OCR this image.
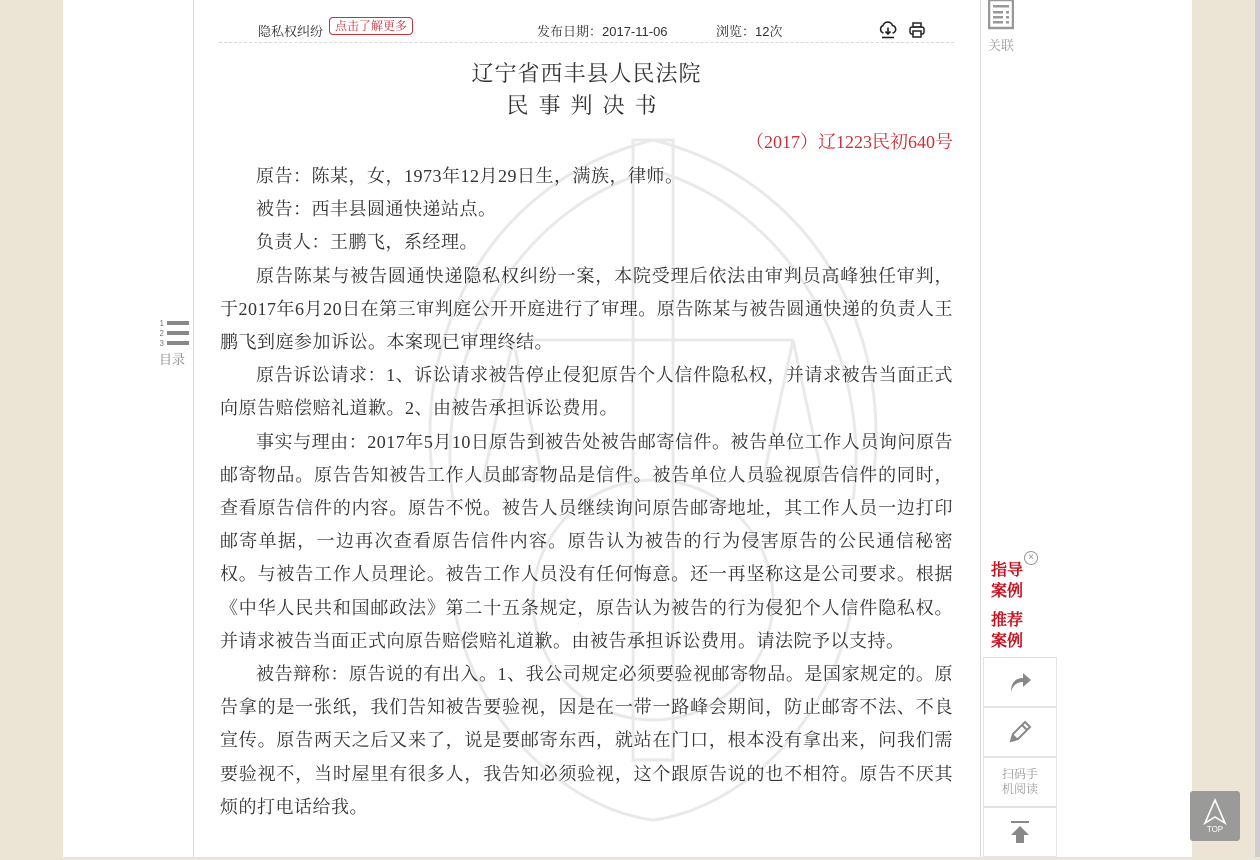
1
2
3
目录
隐私权纠纷 点击了解更多	发布日期：2017-11-06	浏览：12次
辽宁省西丰县人民法院
民事判决书
（2017）辽1223民初640号

原告：陈某，女，1973年12月29日生，满族，律师。

被告：西丰县圆通快递站点。

负责人：王鹏飞，系经理。

原告陈某与被告圆通快递隐私权纠纷一案，本院受理后依法由审判员高峰独任审判，于2017年6月20日在第三审判庭公开开庭进行了审理。原告陈某与被告圆通快递的负责人王鹏飞到庭参加诉讼。本案现已审理终结。

原告诉讼请求：1、诉讼请求被告停止侵犯原告个人信件隐私权，并请求被告当面正式向原告赔偿赔礼道歉。2、由被告承担诉讼费用。

事实与理由：2017年5月10日原告到被告处被告邮寄信件。被告单位工作人员询问原告邮寄物品。原告告知被告工作人员邮寄物品是信件。被告单位人员验视原告信件的同时，查看原告信件的内容。原告不悦。被告人员继续询问原告邮寄地址，其工作人员一边打印邮寄单据，一边再次查看原告信件内容。原告认为被告的行为侵害原告的公民通信秘密权。与被告工作人员理论。被告工作人员没有任何悔意。还一再坚称这是公司要求。根据《中华人民共和国邮政法》第二十五条规定，原告认为被告的行为侵犯个人信件隐私权。并请求被告当面正式向原告赔偿赔礼道歉。由被告承担诉讼费用。请法院予以支持。

被告辩称：原告说的有出入。1、我公司规定必须要验视邮寄物品。是国家规定的。原告拿的是一张纸，我们告知被告要验视，因是在一带一路峰会期间，防止邮寄不法、不良宣传。原告两天之后又来了，说是要邮寄东西，就站在门口，根本没有拿出来，问我们需要验视不，当时屋里有很多人，我告知必须验视，这个跟原告说的也不相符。原告不厌其烦的打电话给我。

关联
×
指导案例
推荐案例
扫码手机阅读
TOP
